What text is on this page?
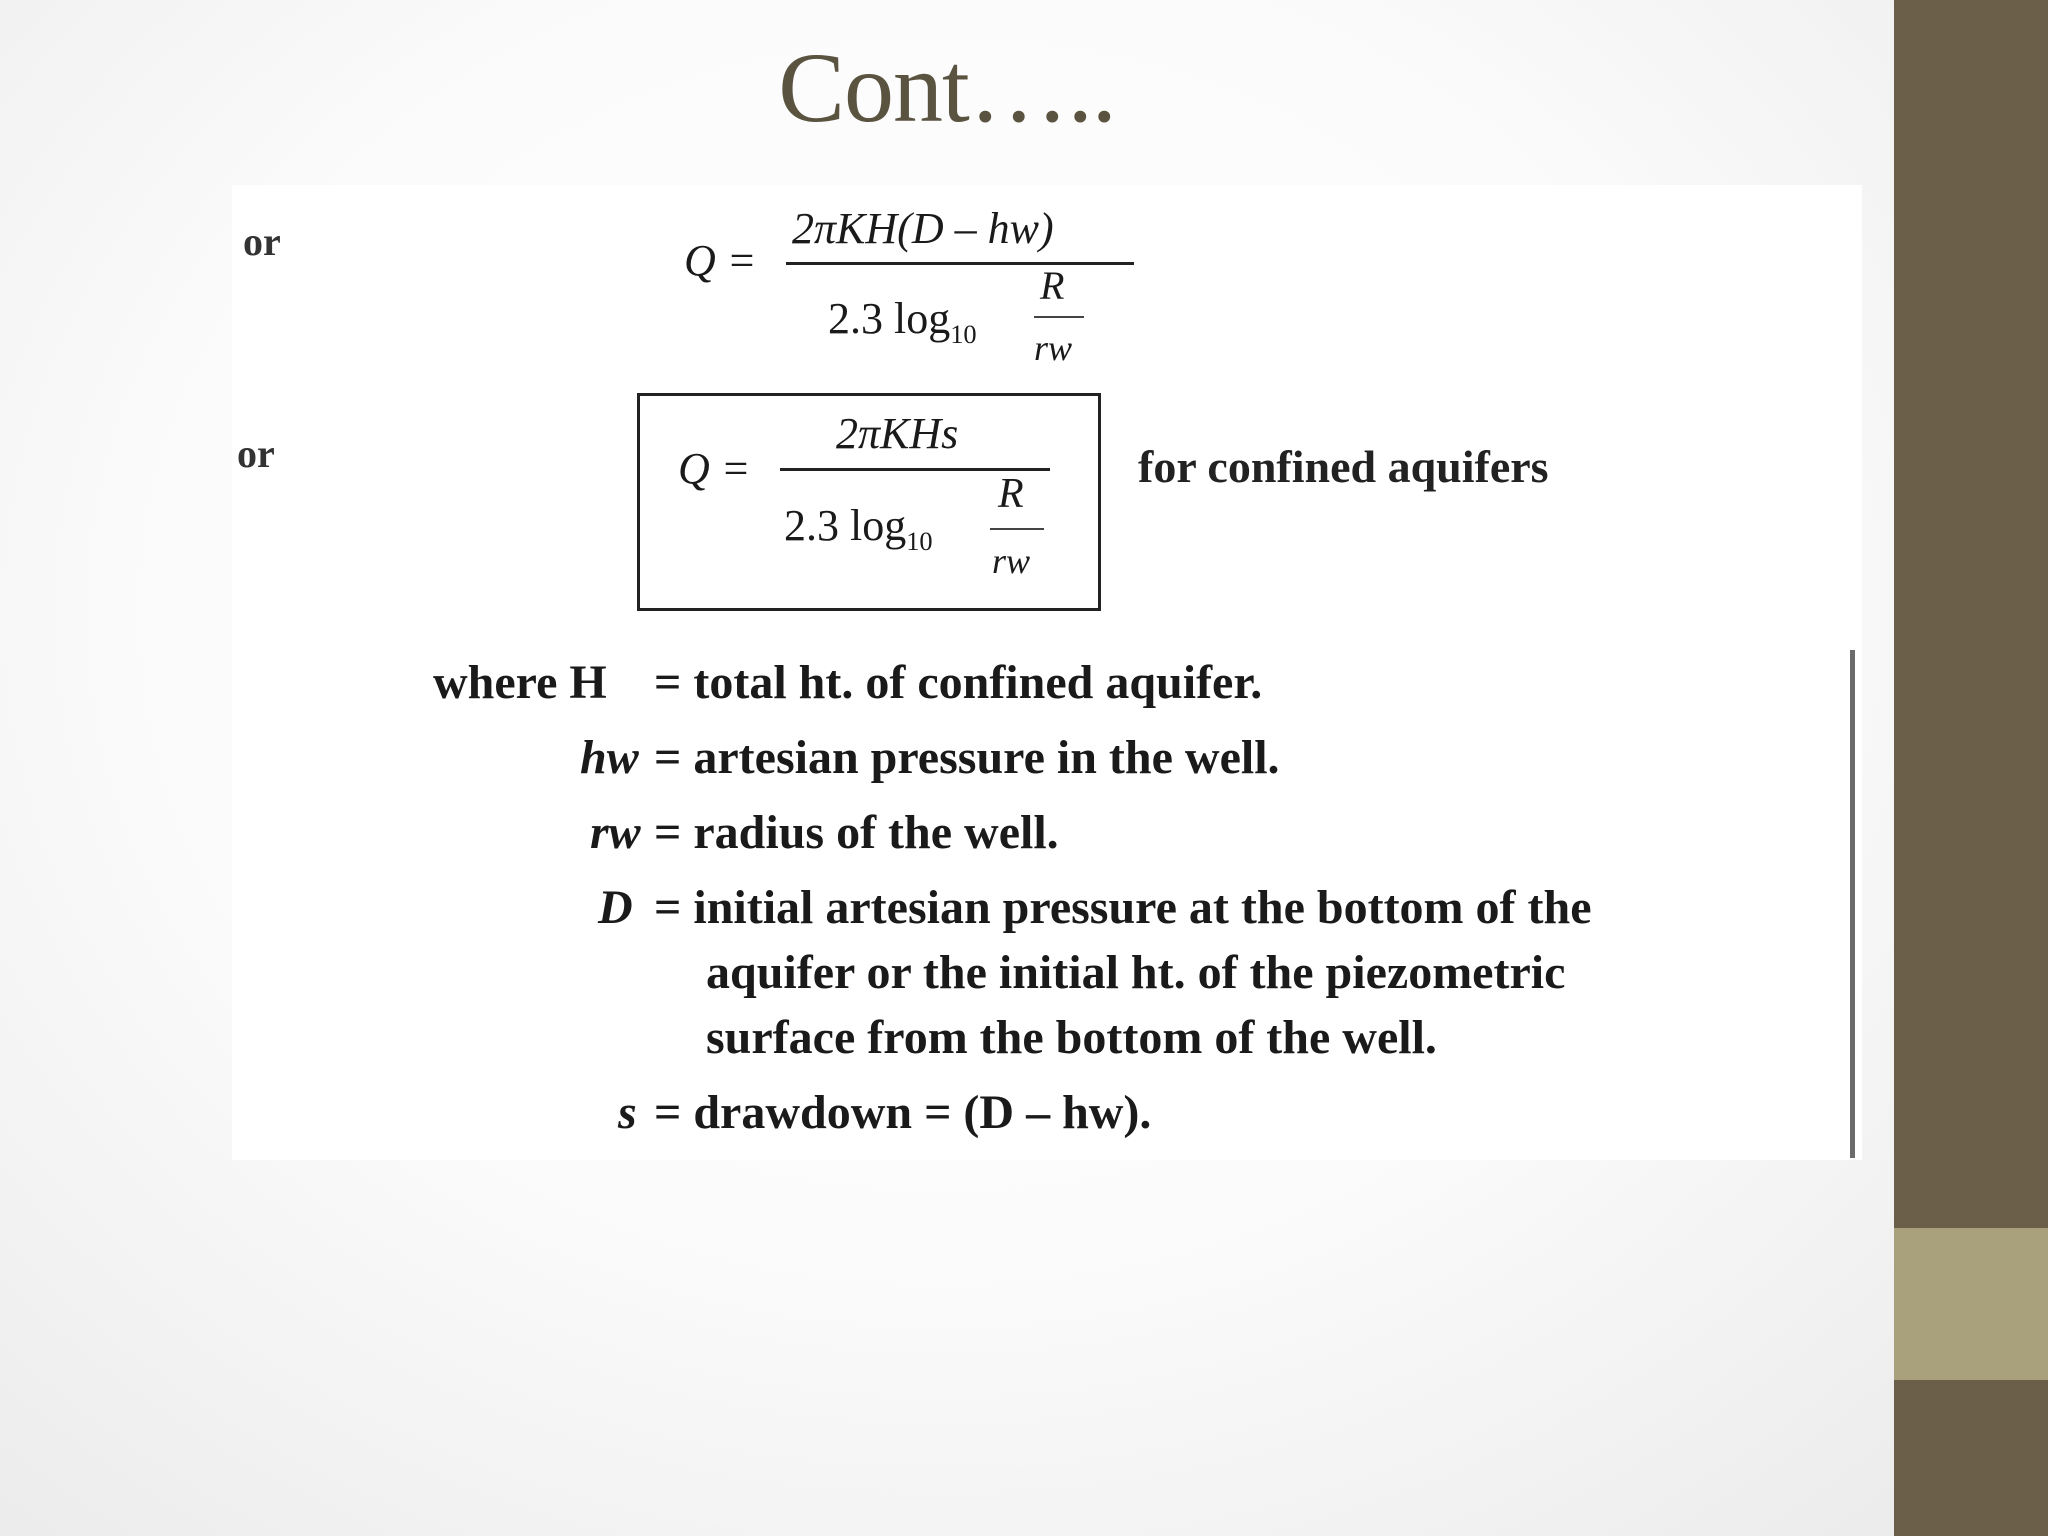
Cont…..
or	Q =
2πKH(D – hw)
2.3 $\log_{10}$
R
rw
or	Q =
2πKHs
2.3 $\log_{10}$
R
rw
for confined aquifers
where H = total ht. of confined aquifer.
hw = artesian pressure in the well.
rw = radius of the well.
D = initial artesian pressure at the bottom of the
aquifer or the initial ht. of the piezometric
surface from the bottom of the well.
s = drawdown = (D – hw).
